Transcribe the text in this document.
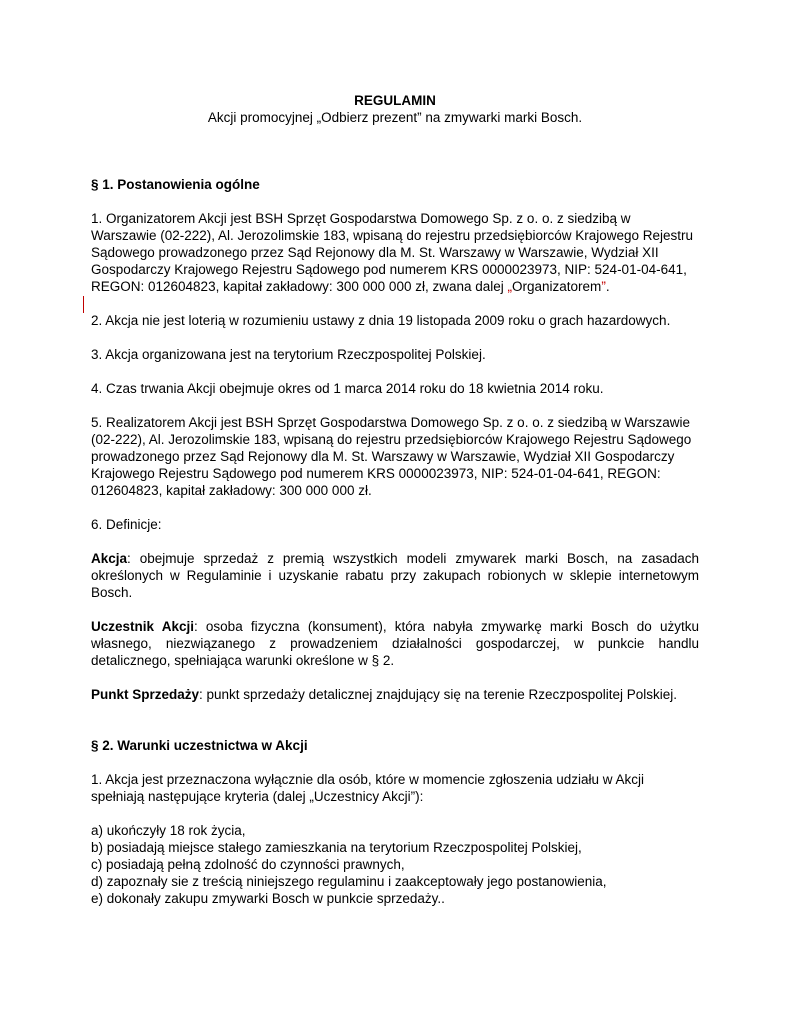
REGULAMIN
Akcji promocyjnej „Odbierz prezent” na zmywarki marki Bosch.

§ 1. Postanowienia ogólne

1. Organizatorem Akcji jest BSH Sprzęt Gospodarstwa Domowego Sp. z o. o. z siedzibą w Warszawie (02-222), Al. Jerozolimskie 183, wpisaną do rejestru przedsiębiorców Krajowego Rejestru Sądowego prowadzonego przez Sąd Rejonowy dla M. St. Warszawy w Warszawie, Wydział XII Gospodarczy Krajowego Rejestru Sądowego pod numerem KRS 0000023973, NIP: 524-01-04-641, REGON: 012604823, kapitał zakładowy: 300 000 000 zł, zwana dalej „Organizatorem”.

2. Akcja nie jest loterią w rozumieniu ustawy z dnia 19 listopada 2009 roku o grach hazardowych.

3. Akcja organizowana jest na terytorium Rzeczpospolitej Polskiej.

4. Czas trwania Akcji obejmuje okres od 1 marca 2014 roku do 18 kwietnia 2014 roku.

5. Realizatorem Akcji jest BSH Sprzęt Gospodarstwa Domowego Sp. z o. o. z siedzibą w Warszawie (02-222), Al. Jerozolimskie 183, wpisaną do rejestru przedsiębiorców Krajowego Rejestru Sądowego prowadzonego przez Sąd Rejonowy dla M. St. Warszawy w Warszawie, Wydział XII Gospodarczy Krajowego Rejestru Sądowego pod numerem KRS 0000023973, NIP: 524-01-04-641, REGON: 012604823, kapitał zakładowy: 300 000 000 zł.

6. Definicje:

Akcja: obejmuje sprzedaż z premią wszystkich modeli zmywarek marki Bosch, na zasadach określonych w Regulaminie i uzyskanie rabatu przy zakupach robionych w sklepie internetowym Bosch.

Uczestnik Akcji: osoba fizyczna (konsument), która nabyła zmywarkę marki Bosch do użytku własnego, niezwiązanego z prowadzeniem działalności gospodarczej, w punkcie handlu detalicznego, spełniająca warunki określone w § 2.

Punkt Sprzedaży: punkt sprzedaży detalicznej znajdujący się na terenie Rzeczpospolitej Polskiej.

§ 2. Warunki uczestnictwa w Akcji

1. Akcja jest przeznaczona wyłącznie dla osób, które w momencie zgłoszenia udziału w Akcji spełniają następujące kryteria (dalej „Uczestnicy Akcji”):

a) ukończyły 18 rok życia,
b) posiadają miejsce stałego zamieszkania na terytorium Rzeczpospolitej Polskiej,
c) posiadają pełną zdolność do czynności prawnych,
d) zapoznały sie z treścią niniejszego regulaminu i zaakceptowały jego postanowienia,
e) dokonały zakupu zmywarki Bosch w punkcie sprzedaży..
